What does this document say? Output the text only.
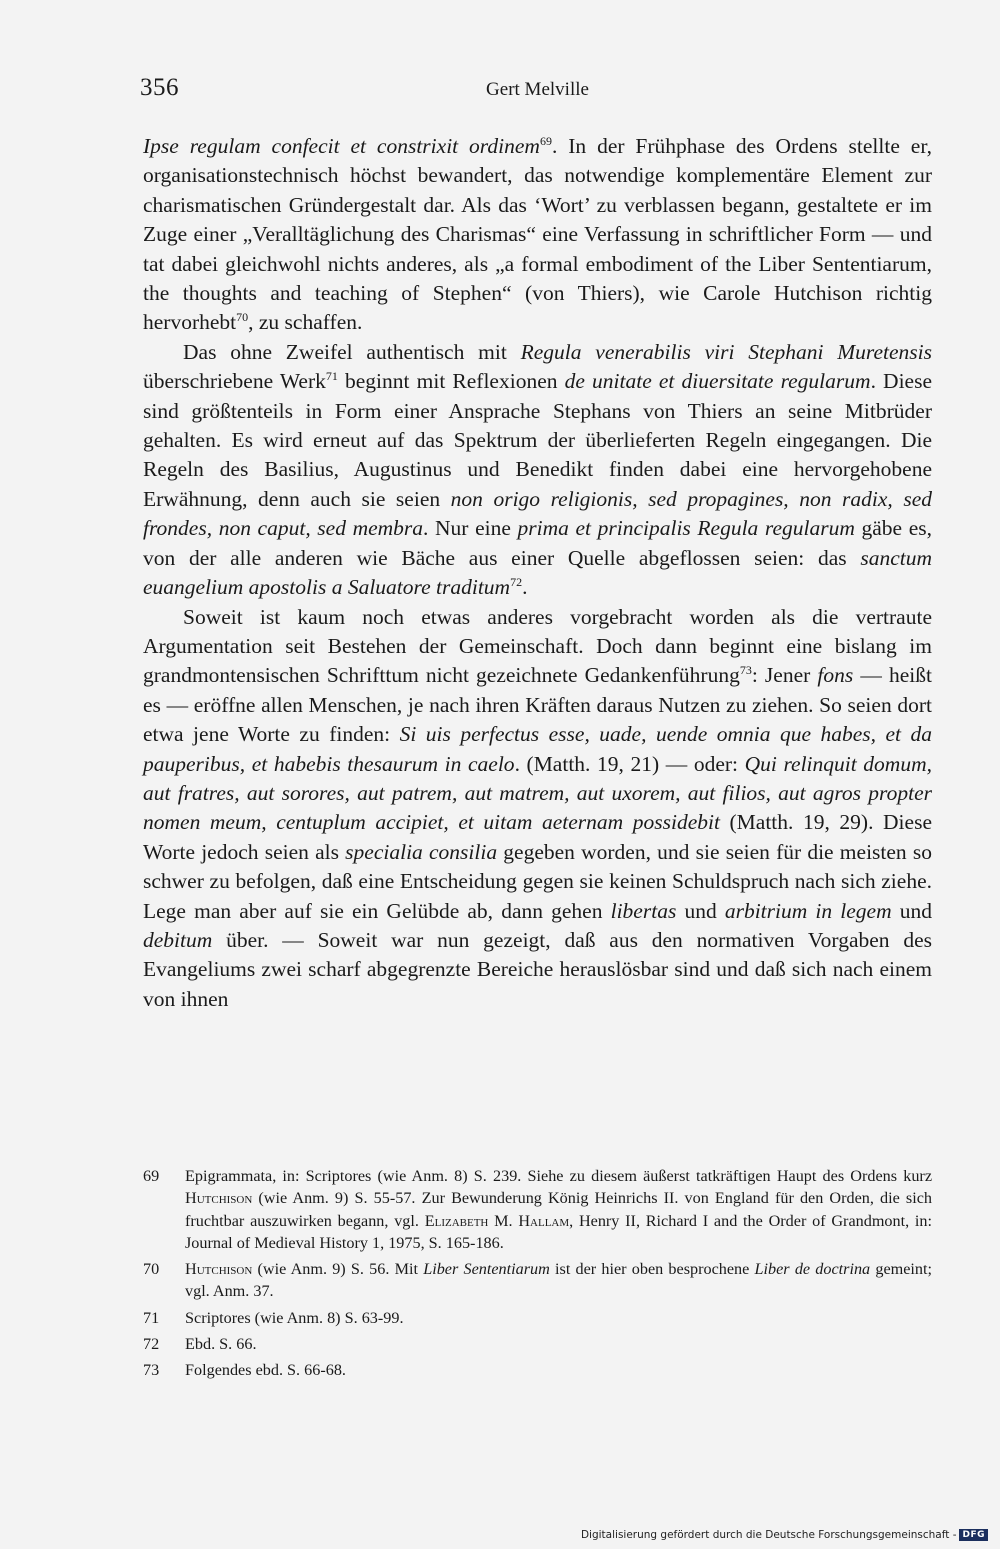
356	Gert Melville

Ipse regulam confecit et constrixit ordinem$^{69}$. In der Frühphase des Ordens stellte er, organisationstechnisch höchst bewandert, das notwendige komplementäre Element zur charismatischen Gründergestalt dar. Als das ‘Wort’ zu verblassen begann, gestaltete er im Zuge einer „Veralltäglichung des Charismas“ eine Verfassung in schriftlicher Form — und tat dabei gleichwohl nichts anderes, als „a formal embodiment of the Liber Sententiarum, the thoughts and teaching of Stephen“ (von Thiers), wie Carole Hutchison richtig hervorhebt$^{70}$, zu schaffen.

Das ohne Zweifel authentisch mit Regula venerabilis viri Stephani Muretensis überschriebene Werk$^{71}$ beginnt mit Reflexionen de unitate et diuersitate regularum. Diese sind größtenteils in Form einer Ansprache Stephans von Thiers an seine Mitbrüder gehalten. Es wird erneut auf das Spektrum der überlieferten Regeln eingegangen. Die Regeln des Basilius, Augustinus und Benedikt finden dabei eine hervorgehobene Erwähnung, denn auch sie seien non origo religionis, sed propagines, non radix, sed frondes, non caput, sed membra. Nur eine prima et principalis Regula regularum gäbe es, von der alle anderen wie Bäche aus einer Quelle abgeflossen seien: das sanctum euangelium apostolis a Saluatore traditum$^{72}$.

Soweit ist kaum noch etwas anderes vorgebracht worden als die vertraute Argumentation seit Bestehen der Gemeinschaft. Doch dann beginnt eine bislang im grandmontensischen Schrifttum nicht gezeichnete Gedankenführung$^{73}$: Jener fons — heißt es — eröffne allen Menschen, je nach ihren Kräften daraus Nutzen zu ziehen. So seien dort etwa jene Worte zu finden: Si uis perfectus esse, uade, uende omnia que habes, et da pauperibus, et habebis thesaurum in caelo. (Matth. 19, 21) — oder: Qui relinquit domum, aut fratres, aut sorores, aut patrem, aut matrem, aut uxorem, aut filios, aut agros propter nomen meum, centuplum accipiet, et uitam aeternam possidebit (Matth. 19, 29). Diese Worte jedoch seien als specialia consilia gegeben worden, und sie seien für die meisten so schwer zu befolgen, daß eine Entscheidung gegen sie keinen Schuldspruch nach sich ziehe. Lege man aber auf sie ein Gelübde ab, dann gehen libertas und arbitrium in legem und debitum über. — Soweit war nun gezeigt, daß aus den normativen Vorgaben des Evangeliums zwei scharf abgegrenzte Bereiche herauslösbar sind und daß sich nach einem von ihnen

69	Epigrammata, in: Scriptores (wie Anm. 8) S. 239. Siehe zu diesem äußerst tatkräftigen Haupt des Ordens kurz Hutchison (wie Anm. 9) S. 55-57. Zur Bewunderung König Heinrichs II. von England für den Orden, die sich fruchtbar auszuwirken begann, vgl. Elizabeth M. Hallam, Henry II, Richard I and the Order of Grandmont, in: Journal of Medieval History 1, 1975, S. 165-186.
70	Hutchison (wie Anm. 9) S. 56. Mit Liber Sententiarum ist der hier oben besprochene Liber de doctrina gemeint; vgl. Anm. 37.
71	Scriptores (wie Anm. 8) S. 63-99.
72	Ebd. S. 66.
73	Folgendes ebd. S. 66-68.
Digitalisierung gefördert durch die Deutsche Forschungsgemeinschaft - DFG
